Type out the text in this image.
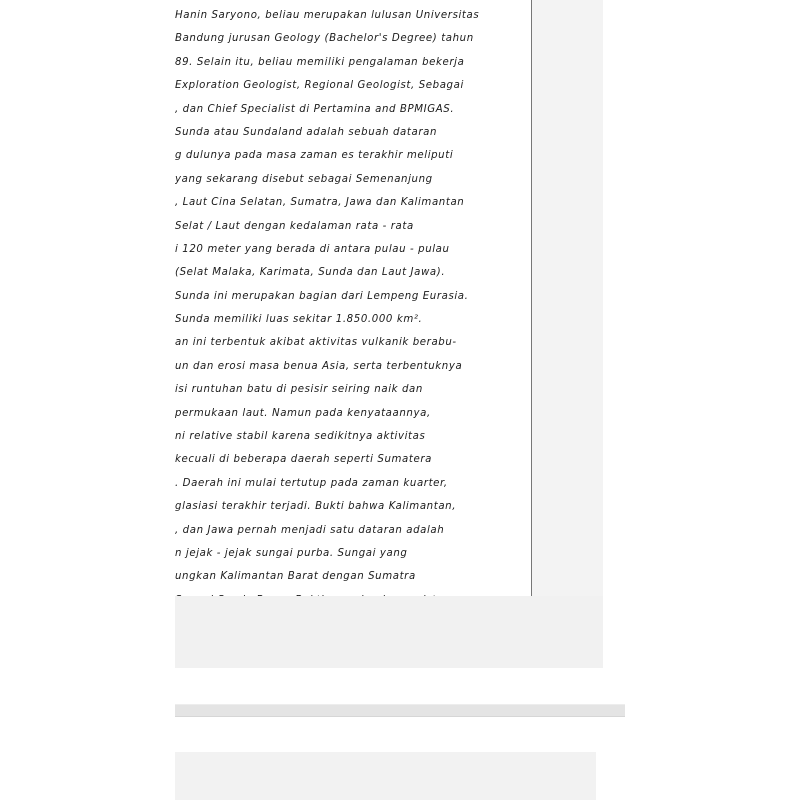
Hanin Saryono, beliau merupakan lulusan Universitas
Bandung jurusan Geology (Bachelor's Degree) tahun
89. Selain itu, beliau memiliki pengalaman bekerja
Exploration Geologist, Regional Geologist, Sebagai
, dan Chief Specialist di Pertamina and BPMIGAS.
Sunda atau Sundaland adalah sebuah dataran
g dulunya pada masa zaman es terakhir meliputi
yang sekarang disebut sebagai Semenanjung
, Laut Cina Selatan, Sumatra, Jawa dan Kalimantan
Selat / Laut dengan kedalaman rata - rata
i 120 meter yang berada di antara pulau - pulau
(Selat Malaka, Karimata, Sunda dan Laut Jawa).
Sunda ini merupakan bagian dari Lempeng Eurasia.
Sunda memiliki luas sekitar 1.850.000 km².
an ini terbentuk akibat aktivitas vulkanik berabu-
un dan erosi masa benua Asia, serta terbentuknya
isi runtuhan batu di pesisir seiring naik dan
permukaan laut. Namun pada kenyataannya,
ni relative stabil karena sedikitnya aktivitas
kecuali di beberapa daerah seperti Sumatera
. Daerah ini mulai tertutup pada zaman kuarter,
glasiasi terakhir terjadi. Bukti bahwa Kalimantan,
, dan Jawa pernah menjadi satu dataran adalah
n jejak - jejak sungai purba. Sungai yang
ungkan Kalimantan Barat dengan Sumatra
